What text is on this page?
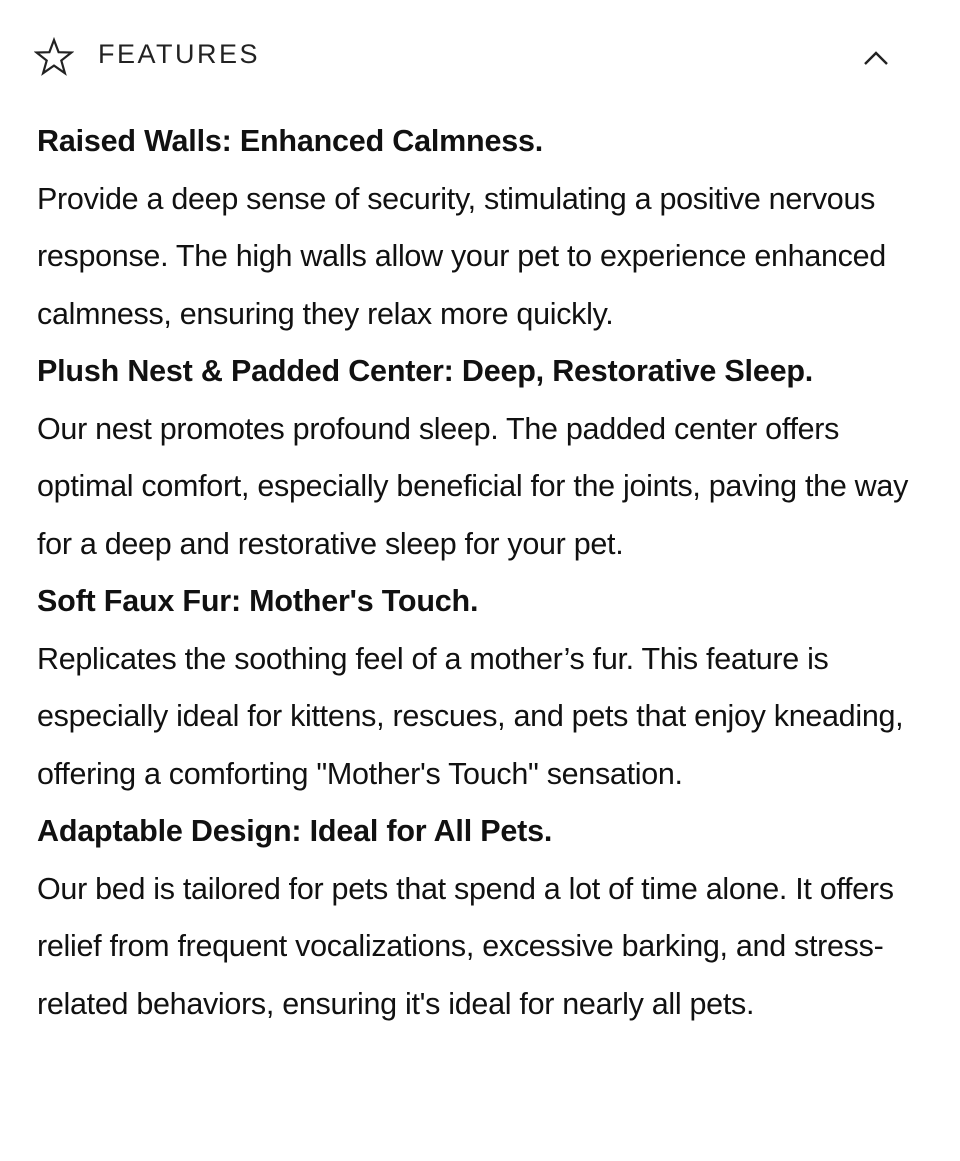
FEATURES

Raised Walls: Enhanced Calmness.

Provide a deep sense of security, stimulating a positive nervous response. The high walls allow your pet to experience enhanced calmness, ensuring they relax more quickly.

Plush Nest & Padded Center: Deep, Restorative Sleep.

Our nest promotes profound sleep. The padded center offers optimal comfort, especially beneficial for the joints, paving the way for a deep and restorative sleep for your pet.

Soft Faux Fur: Mother's Touch.

Replicates the soothing feel of a mother’s fur. This feature is especially ideal for kittens, rescues, and pets that enjoy kneading, offering a comforting "Mother's Touch" sensation.

Adaptable Design: Ideal for All Pets.

Our bed is tailored for pets that spend a lot of time alone. It offers relief from frequent vocalizations, excessive barking, and stress-related behaviors, ensuring it's ideal for nearly all pets.
